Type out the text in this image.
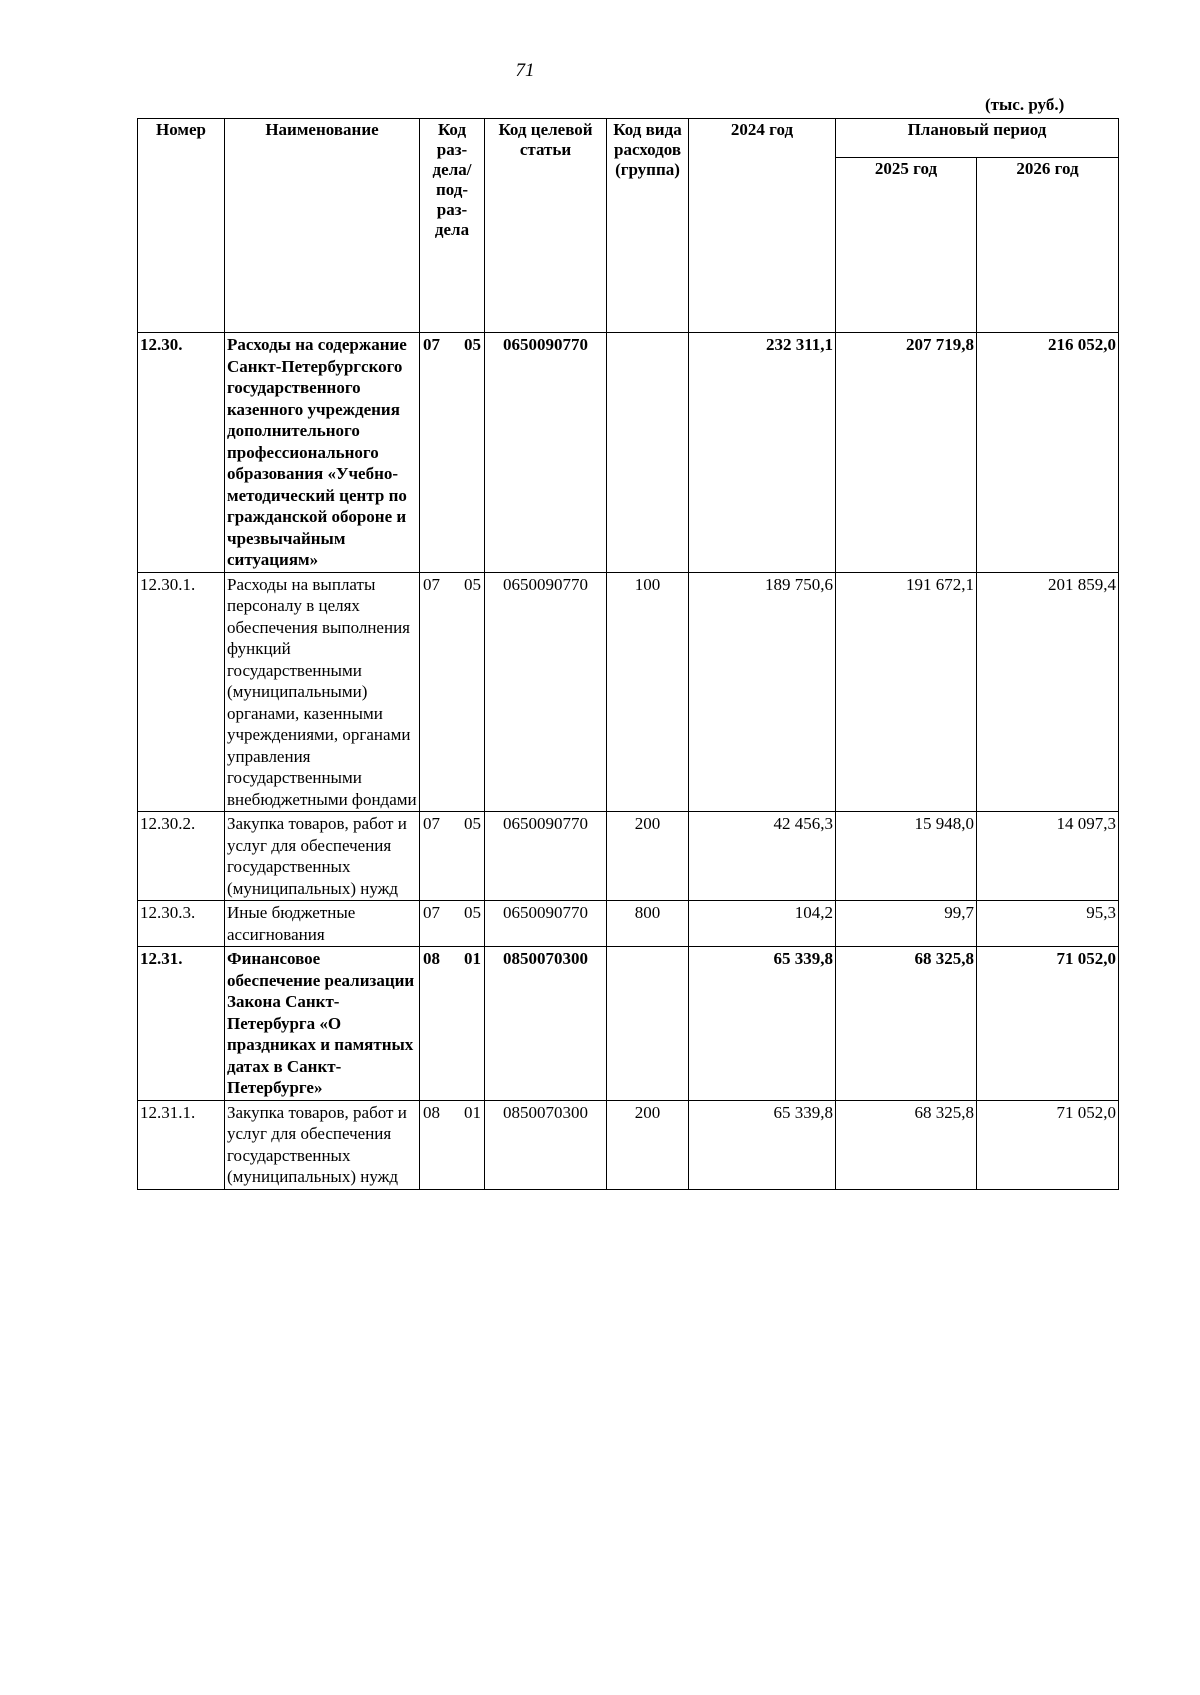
71
(тыс. руб.)
Номер	Наименование	Код раз-дела/ под-раз-дела	Код целевой статьи	Код вида расходов (группа)	2024 год	Плановый период	
						2025 год	2026 год
12.30.	Расходы на содержание Санкт-Петербургского государственного казенного учреждения дополнительного профессионального образования «Учебно-методический центр по гражданской обороне и чрезвычайным ситуациям»	07 05	0650090770		232 311,1	207 719,8	216 052,0
12.30.1.	Расходы на выплаты персоналу в целях обеспечения выполнения функций государственными (муниципальными) органами, казенными учреждениями, органами управления государственными внебюджетными фондами	07 05	0650090770	100	189 750,6	191 672,1	201 859,4
12.30.2.	Закупка товаров, работ и услуг для обеспечения государственных (муниципальных) нужд	07 05	0650090770	200	42 456,3	15 948,0	14 097,3
12.30.3.	Иные бюджетные ассигнования	07 05	0650090770	800	104,2	99,7	95,3
12.31.	Финансовое обеспечение реализации Закона Санкт-Петербурга «О праздниках и памятных датах в Санкт-Петербурге»	08 01	0850070300		65 339,8	68 325,8	71 052,0
12.31.1.	Закупка товаров, работ и услуг для обеспечения государственных (муниципальных) нужд	08 01	0850070300	200	65 339,8	68 325,8	71 052,0
